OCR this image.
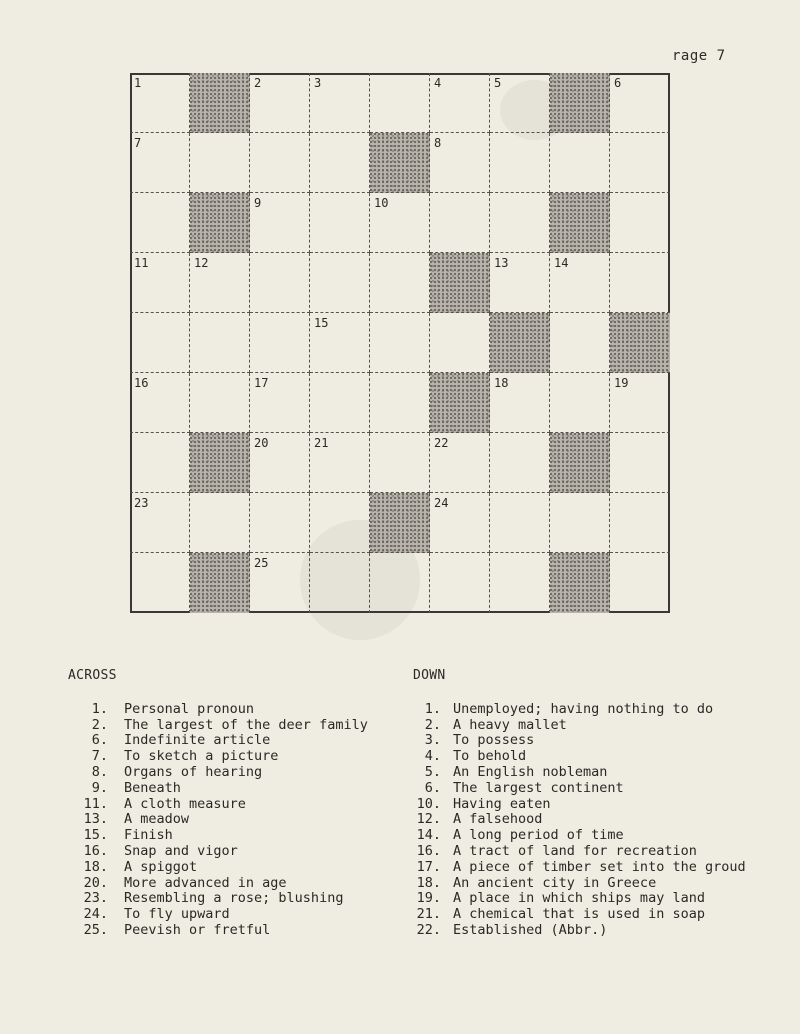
rage 7
1	2	3	4	5	6
7	8
9	10
11	12	13	14
15
16	17	18	19
20	21	22
23	24
25
ACROSS
1.	Personal pronoun
2.	The largest of the deer family
6.	Indefinite article
7.	To sketch a picture
8.	Organs of hearing
9.	Beneath
11.	A cloth measure
13.	A meadow
15.	Finish
16.	Snap and vigor
18.	A spiggot
20.	More advanced in age
23.	Resembling a rose; blushing
24.	To fly upward
25.	Peevish or fretful
DOWN
1. Unemployed; having nothing to do
2. A heavy mallet
3. To possess
4. To behold
5. An English nobleman
6. The largest continent
10. Having eaten
12. A falsehood
14. A long period of time
16. A tract of land for recreation
17. A piece of timber set into the groud
18. An ancient city in Greece
19. A place in which ships may land
21. A chemical that is used in soap
22. Established (Abbr.)
